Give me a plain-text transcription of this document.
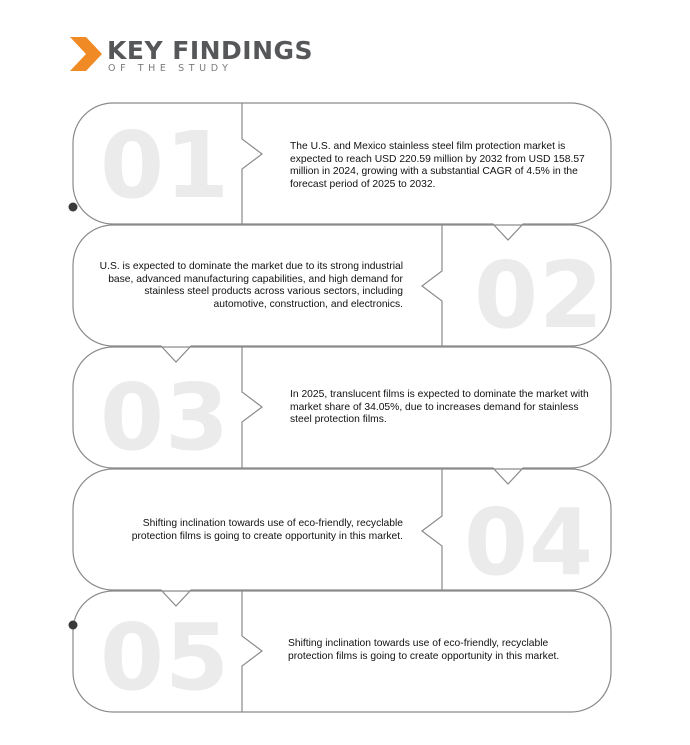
KEY FINDINGS

OF THE STUDY

01	The U.S. and Mexico stainless steel film protection market is expected to reach USD 220.59 million by 2032 from USD 158.57 million in 2024, growing with a substantial CAGR of 4.5% in the forecast period of 2025 to 2032.

02

U.S. is expected to dominate the market due to its strong industrial base, advanced manufacturing capabilities, and high demand for stainless steel products across various sectors, including automotive, construction, and electronics.

03	In 2025, translucent films is expected to dominate the market with market share of 34.05%, due to increases demand for stainless steel protection films.

04

Shifting inclination towards use of eco-friendly, recyclable protection films is going to create opportunity in this market.

05	Shifting inclination towards use of eco-friendly, recyclable protection films is going to create opportunity in this market.
